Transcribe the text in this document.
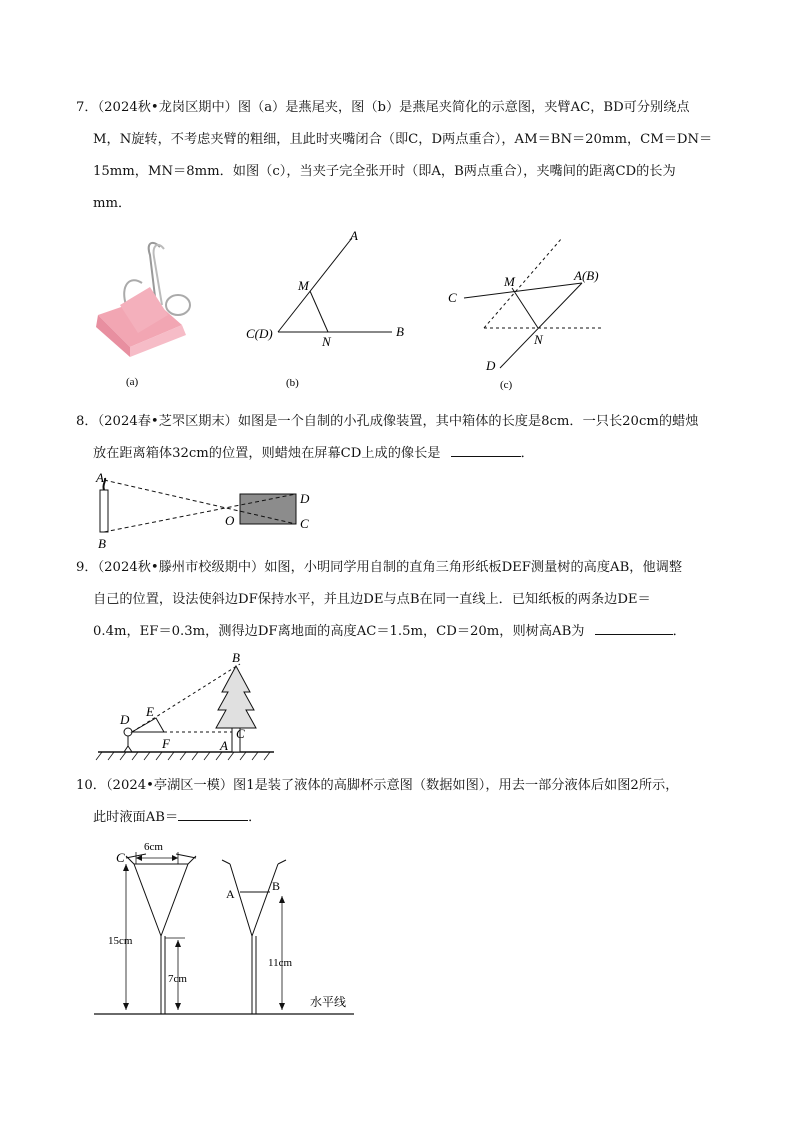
7．（2024秋•龙岗区期中）图（a）是燕尾夹，图（b）是燕尾夹简化的示意图，夹臂AC，BD可分别绕点

M，N旋转，不考虑夹臂的粗细，且此时夹嘴闭合（即C，D两点重合），AM＝BN＝20mm，CM＝DN＝

15mm，MN＝8mm．如图（c），当夹子完全张开时（即A，B两点重合），夹嘴间的距离CD的长为

mm．

(a)
A
M
C(D)
N
B
(b)
C
M	A(B)
N
D
(c)

8．（2024春•芝罘区期末）如图是一个自制的小孔成像装置，其中箱体的长度是8cm．一只长20cm的蜡烛

放在距离箱体32cm的位置，则蜡烛在屏幕CD上成的像长是	．

A
B
O
D
C

9．（2024秋•滕州市校级期中）如图，小明同学用自制的直角三角形纸板DEF测量树的高度AB，他调整

自己的位置，设法使斜边DF保持水平，并且边DE与点B在同一直线上．已知纸板的两条边DE＝

0.4m，EF＝0.3m，测得边DF离地面的高度AC＝1.5m，CD＝20m，则树高AB为	．

B
D
E
F
C
A

10．（2024•亭湖区一模）图1是装了液体的高脚杯示意图（数据如图），用去一部分液体后如图2所示，

此时液面AB＝	．

6cm
C
15cm
7cm
A
B
11cm
水平线
